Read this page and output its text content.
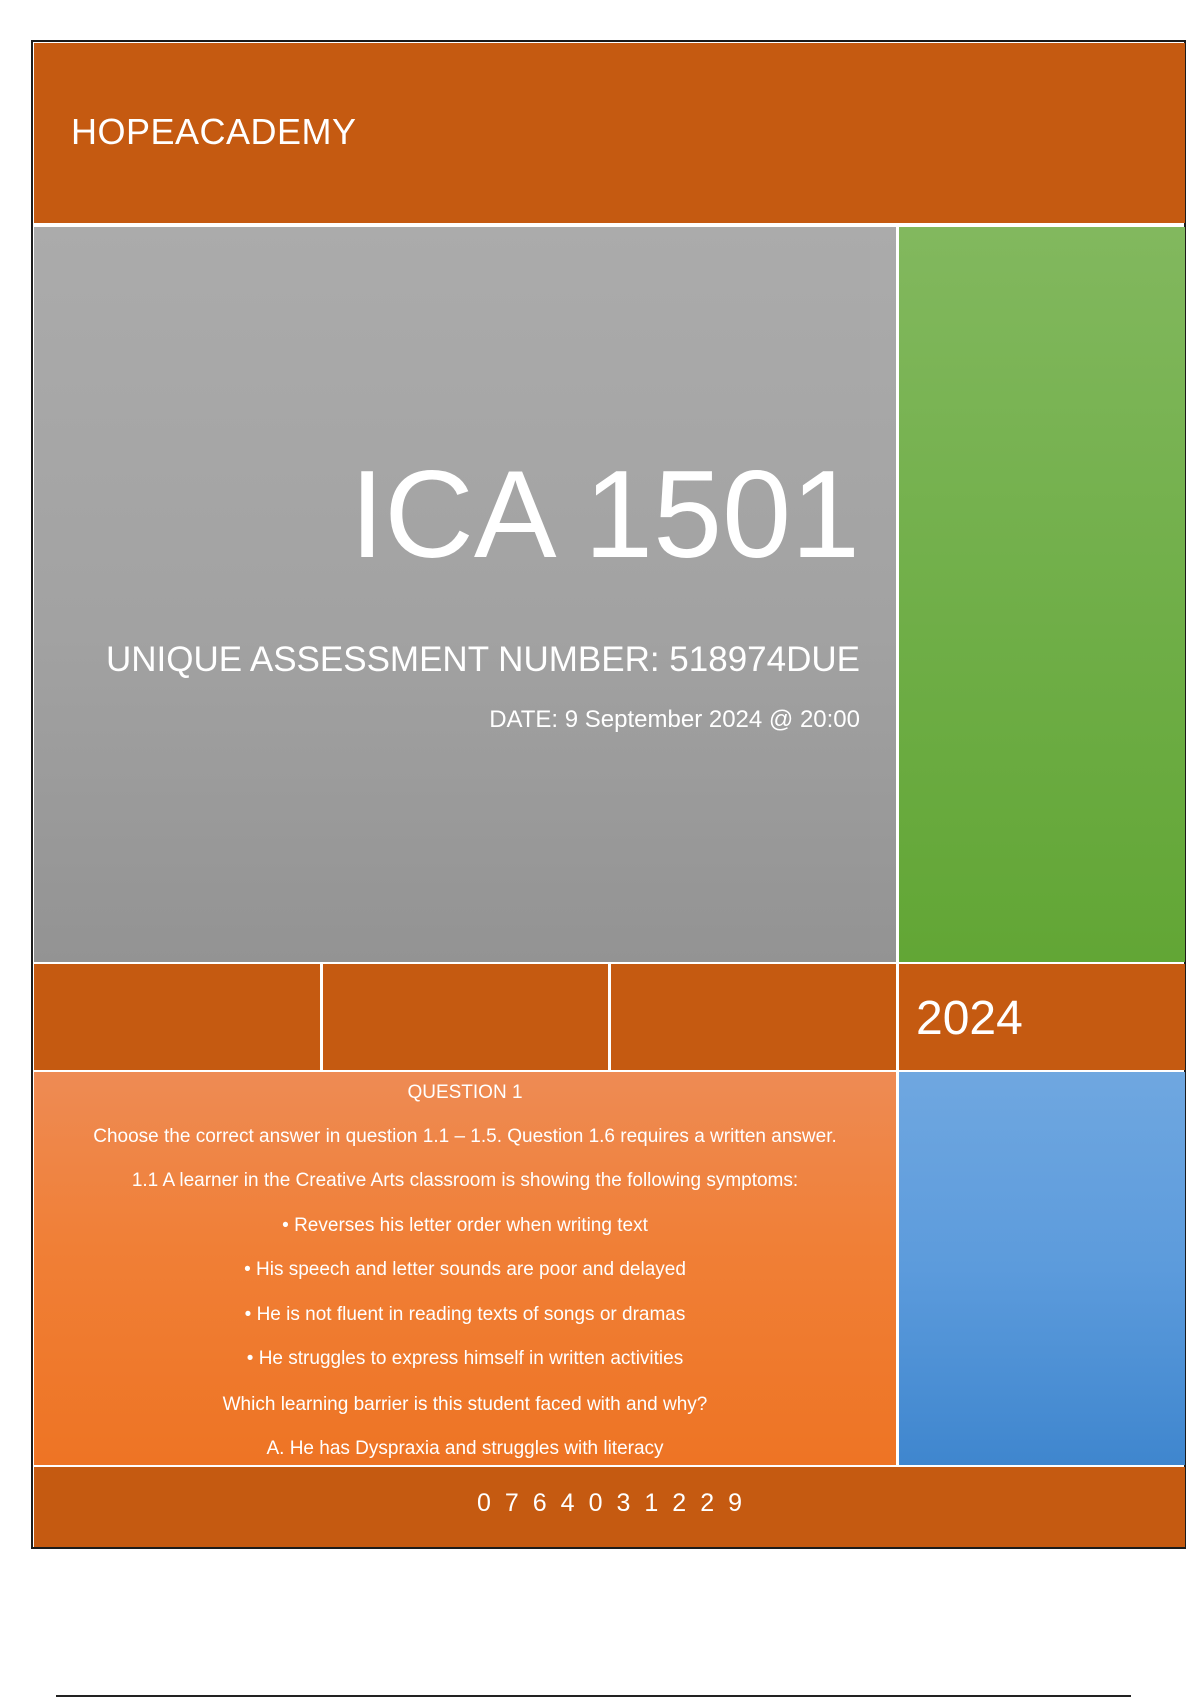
HOPEACADEMY
ICA 1501
UNIQUE ASSESSMENT NUMBER: 518974DUE
DATE: 9 September 2024 @ 20:00
2024
QUESTION 1
Choose the correct answer in question 1.1 – 1.5. Question 1.6 requires a written answer.
1.1 A learner in the Creative Arts classroom is showing the following symptoms:
• Reverses his letter order when writing text
• His speech and letter sounds are poor and delayed
• He is not fluent in reading texts of songs or dramas
• He struggles to express himself in written activities
Which learning barrier is this student faced with and why?
A. He has Dyspraxia and struggles with literacy
0764031229
